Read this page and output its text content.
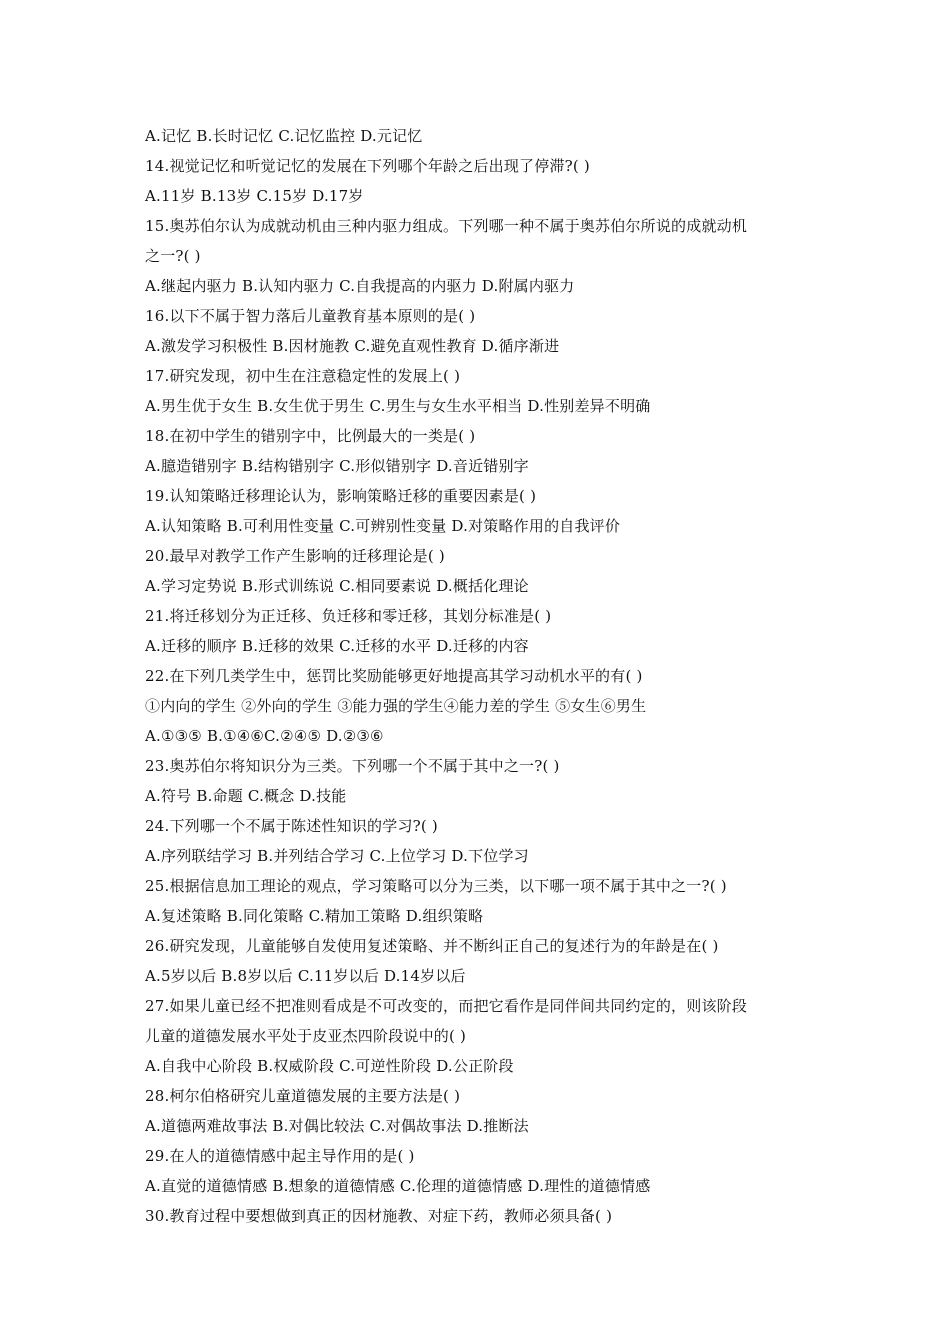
A.记忆 B.长时记忆 C.记忆监控 D.元记忆
14.视觉记忆和听觉记忆的发展在下列哪个年龄之后出现了停滞?( )
A.11岁 B.13岁 C.15岁 D.17岁
15.奥苏伯尔认为成就动机由三种内驱力组成。下列哪一种不属于奥苏伯尔所说的成就动机
之一?( )
A.继起内驱力 B.认知内驱力 C.自我提高的内驱力 D.附属内驱力
16.以下不属于智力落后儿童教育基本原则的是( )
A.激发学习积极性 B.因材施教 C.避免直观性教育 D.循序渐进
17.研究发现，初中生在注意稳定性的发展上( )
A.男生优于女生 B.女生优于男生 C.男生与女生水平相当 D.性别差异不明确
18.在初中学生的错别字中，比例最大的一类是( )
A.臆造错别字 B.结构错别字 C.形似错别字 D.音近错别字
19.认知策略迁移理论认为，影响策略迁移的重要因素是( )
A.认知策略 B.可利用性变量 C.可辨别性变量 D.对策略作用的自我评价
20.最早对教学工作产生影响的迁移理论是( )
A.学习定势说 B.形式训练说 C.相同要素说 D.概括化理论
21.将迁移划分为正迁移、负迁移和零迁移，其划分标准是( )
A.迁移的顺序 B.迁移的效果 C.迁移的水平 D.迁移的内容
22.在下列几类学生中，惩罚比奖励能够更好地提高其学习动机水平的有( )
①内向的学生 ②外向的学生 ③能力强的学生④能力差的学生 ⑤女生⑥男生
A.①③⑤ B.①④⑥C.②④⑤ D.②③⑥
23.奥苏伯尔将知识分为三类。下列哪一个不属于其中之一?( )
A.符号 B.命题 C.概念 D.技能
24.下列哪一个不属于陈述性知识的学习?( )
A.序列联结学习 B.并列结合学习 C.上位学习 D.下位学习
25.根据信息加工理论的观点，学习策略可以分为三类，以下哪一项不属于其中之一?( )
A.复述策略 B.同化策略 C.精加工策略 D.组织策略
26.研究发现，儿童能够自发使用复述策略、并不断纠正自己的复述行为的年龄是在( )
A.5岁以后 B.8岁以后 C.11岁以后 D.14岁以后
27.如果儿童已经不把准则看成是不可改变的，而把它看作是同伴间共同约定的，则该阶段
儿童的道德发展水平处于皮亚杰四阶段说中的( )
A.自我中心阶段 B.权威阶段 C.可逆性阶段 D.公正阶段
28.柯尔伯格研究儿童道德发展的主要方法是( )
A.道德两难故事法 B.对偶比较法 C.对偶故事法 D.推断法
29.在人的道德情感中起主导作用的是( )
A.直觉的道德情感 B.想象的道德情感 C.伦理的道德情感 D.理性的道德情感
30.教育过程中要想做到真正的因材施教、对症下药，教师必须具备( )
